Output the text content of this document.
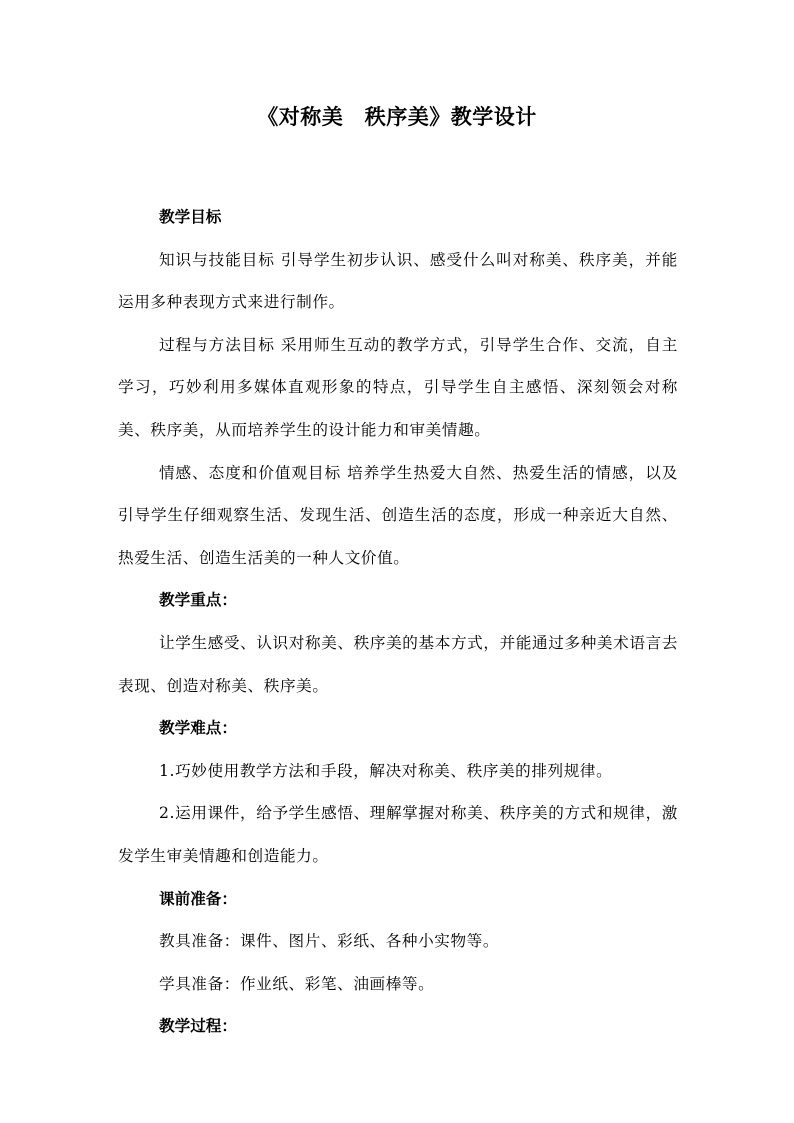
《对称美　秩序美》教学设计
教学目标
知识与技能目标 引导学生初步认识、感受什么叫对称美、秩序美，并能运用多种表现方式来进行制作。
过程与方法目标 采用师生互动的教学方式，引导学生合作、交流，自主学习，巧妙利用多媒体直观形象的特点，引导学生自主感悟、深刻领会对称美、秩序美，从而培养学生的设计能力和审美情趣。
情感、态度和价值观目标 培养学生热爱大自然、热爱生活的情感，以及引导学生仔细观察生活、发现生活、创造生活的态度，形成一种亲近大自然、热爱生活、创造生活美的一种人文价值。
教学重点：
让学生感受、认识对称美、秩序美的基本方式，并能通过多种美术语言去表现、创造对称美、秩序美。
教学难点：
1.巧妙使用教学方法和手段，解决对称美、秩序美的排列规律。
2.运用课件，给予学生感悟、理解掌握对称美、秩序美的方式和规律，激发学生审美情趣和创造能力。
课前准备：
教具准备：课件、图片、彩纸、各种小实物等。
学具准备：作业纸、彩笔、油画棒等。
教学过程：
